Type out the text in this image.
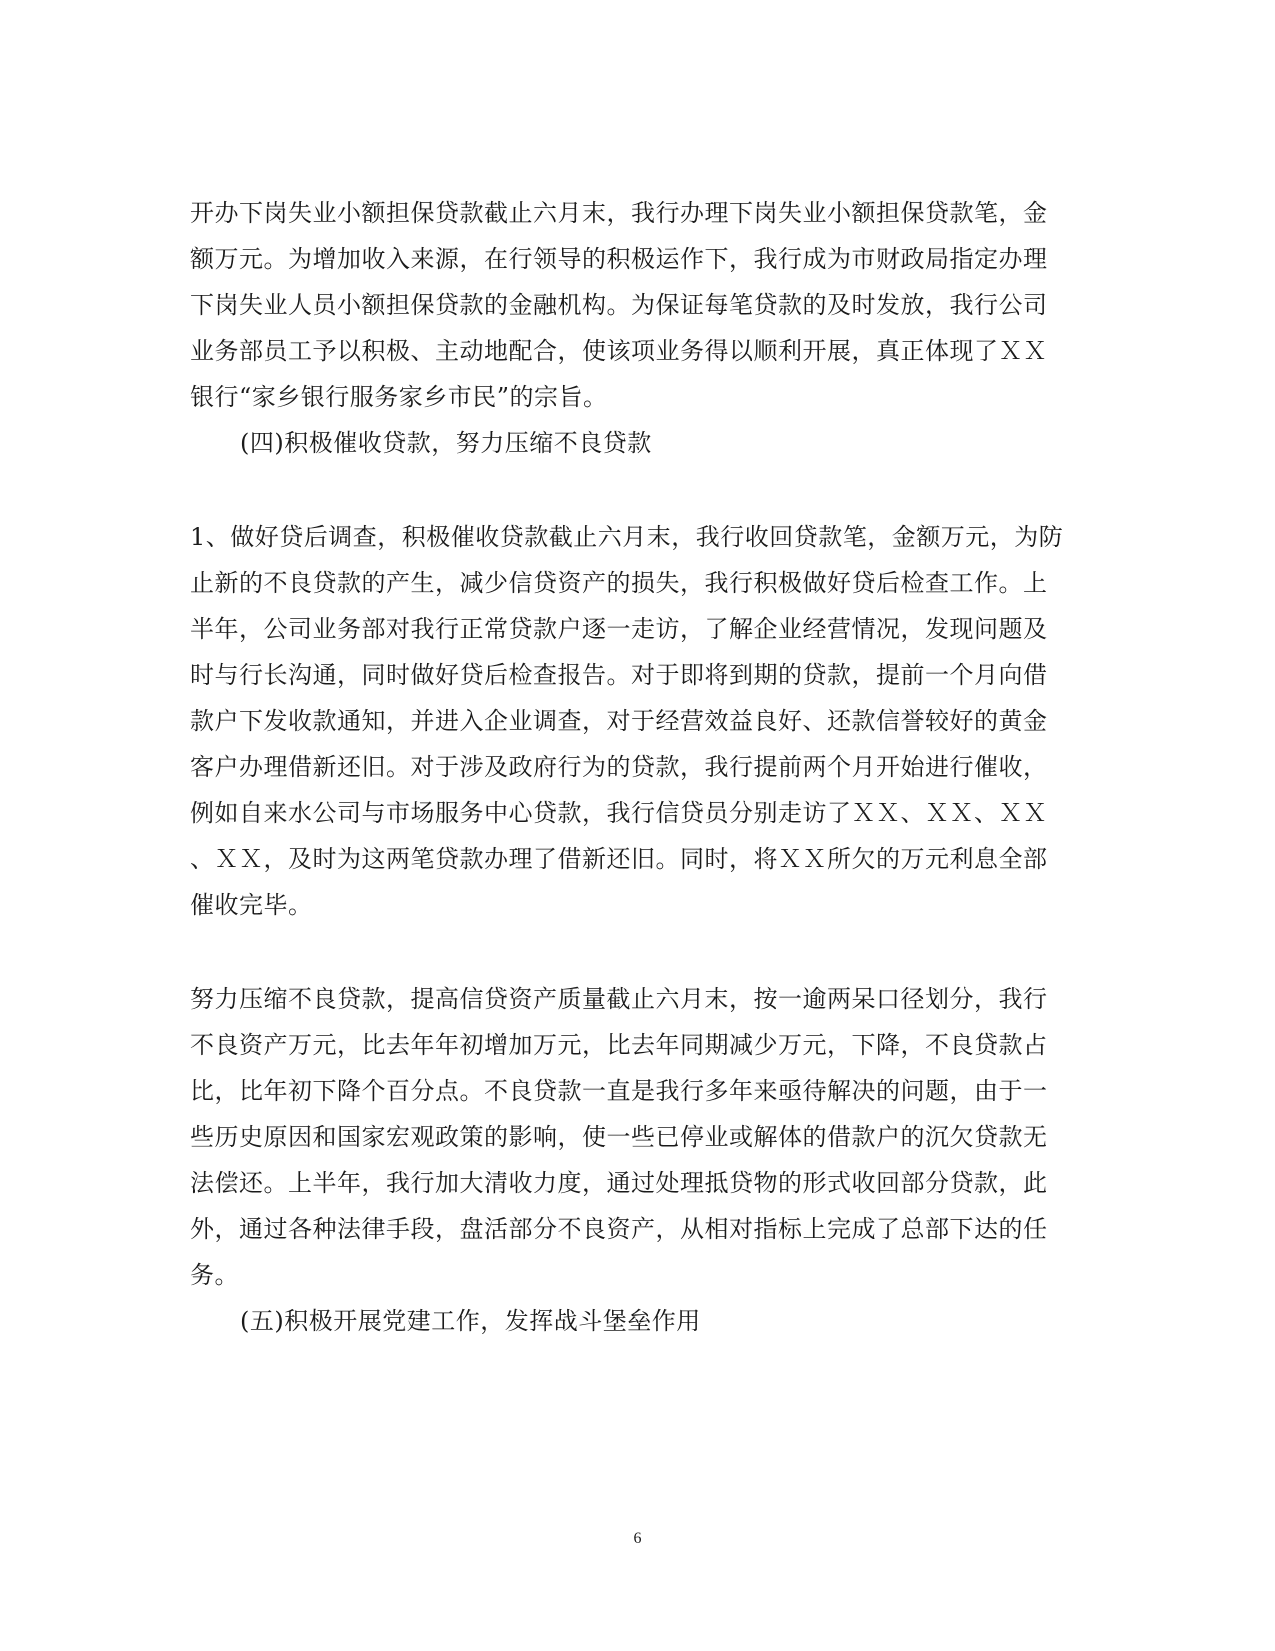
开办下岗失业小额担保贷款截止六月末，我行办理下岗失业小额担保贷款笔，金
额万元。为增加收入来源，在行领导的积极运作下，我行成为市财政局指定办理
下岗失业人员小额担保贷款的金融机构。为保证每笔贷款的及时发放，我行公司
业务部员工予以积极、主动地配合，使该项业务得以顺利开展，真正体现了ＸＸ
银行“家乡银行服务家乡市民”的宗旨。
(四)积极催收贷款，努力压缩不良贷款
1、做好贷后调查，积极催收贷款截止六月末，我行收回贷款笔，金额万元，为防
止新的不良贷款的产生，减少信贷资产的损失，我行积极做好贷后检查工作。上
半年，公司业务部对我行正常贷款户逐一走访，了解企业经营情况，发现问题及
时与行长沟通，同时做好贷后检查报告。对于即将到期的贷款，提前一个月向借
款户下发收款通知，并进入企业调查，对于经营效益良好、还款信誉较好的黄金
客户办理借新还旧。对于涉及政府行为的贷款，我行提前两个月开始进行催收，
例如自来水公司与市场服务中心贷款，我行信贷员分别走访了ＸＸ、ＸＸ、ＸＸ
、ＸＸ，及时为这两笔贷款办理了借新还旧。同时，将ＸＸ所欠的万元利息全部
催收完毕。
努力压缩不良贷款，提高信贷资产质量截止六月末，按一逾两呆口径划分，我行
不良资产万元，比去年年初增加万元，比去年同期减少万元，下降，不良贷款占
比，比年初下降个百分点。不良贷款一直是我行多年来亟待解决的问题，由于一
些历史原因和国家宏观政策的影响，使一些已停业或解体的借款户的沉欠贷款无
法偿还。上半年，我行加大清收力度，通过处理抵贷物的形式收回部分贷款，此
外，通过各种法律手段，盘活部分不良资产，从相对指标上完成了总部下达的任
务。
(五)积极开展党建工作，发挥战斗堡垒作用
6
